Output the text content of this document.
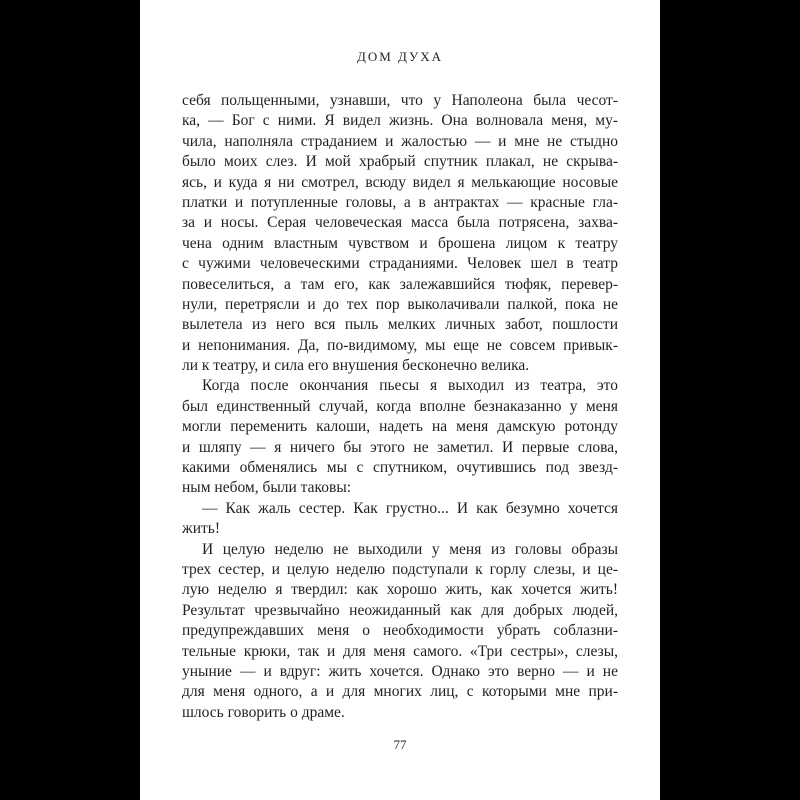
ДОМ ДУХА
себя польщенными, узнавши, что у Наполеона была чесот-
ка, — Бог с ними. Я видел жизнь. Она волновала меня, му-
чила, наполняла страданием и жалостью — и мне не стыдно
было моих слез. И мой храбрый спутник плакал, не скрыва-
ясь, и куда я ни смотрел, всюду видел я мелькающие носовые
платки и потупленные головы, а в антрактах — красные гла-
за и носы. Серая человеческая масса была потрясена, захва-
чена одним властным чувством и брошена лицом к театру
с чужими человеческими страданиями. Человек шел в театр
повеселиться, а там его, как залежавшийся тюфяк, перевер-
нули, перетрясли и до тех пор выколачивали палкой, пока не
вылетела из него вся пыль мелких личных забот, пошлости
и непонимания. Да, по-видимому, мы еще не совсем привык-
ли к театру, и сила его внушения бесконечно велика.
Когда после окончания пьесы я выходил из театра, это
был единственный случай, когда вполне безнаказанно у меня
могли переменить калоши, надеть на меня дамскую ротонду
и шляпу — я ничего бы этого не заметил. И первые слова,
какими обменялись мы с спутником, очутившись под звезд-
ным небом, были таковы:
— Как жаль сестер. Как грустно... И как безумно хочется
жить!
И целую неделю не выходили у меня из головы образы
трех сестер, и целую неделю подступали к горлу слезы, и це-
лую неделю я твердил: как хорошо жить, как хочется жить!
Результат чрезвычайно неожиданный как для добрых людей,
предупреждавших меня о необходимости убрать соблазни-
тельные крюки, так и для меня самого. «Три сестры», слезы,
уныние — и вдруг: жить хочется. Однако это верно — и не
для меня одного, а и для многих лиц, с которыми мне при-
шлось говорить о драме.
77
